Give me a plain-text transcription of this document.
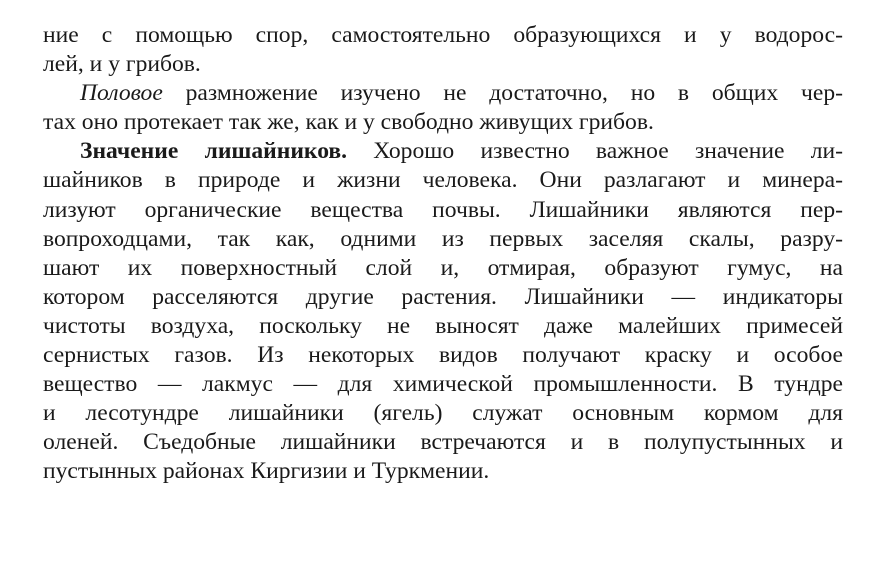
ние с помощью спор, самостоятельно образующихся и у водорос-
лей, и у грибов.
Половое размножение изучено не достаточно, но в общих чер-
тах оно протекает так же, как и у свободно живущих грибов.
Значение лишайников. Хорошо известно важное значение ли-
шайников в природе и жизни человека. Они разлагают и минера-
лизуют органические вещества почвы. Лишайники являются пер-
вопроходцами, так как, одними из первых заселяя скалы, разру-
шают их поверхностный слой и, отмирая, образуют гумус, на
котором расселяются другие растения. Лишайники — индикаторы
чистоты воздуха, поскольку не выносят даже малейших примесей
сернистых газов. Из некоторых видов получают краску и особое
вещество — лакмус — для химической промышленности. В тундре
и лесотундре лишайники (ягель) служат основным кормом для
оленей. Съедобные лишайники встречаются и в полупустынных и
пустынных районах Киргизии и Туркмении.
